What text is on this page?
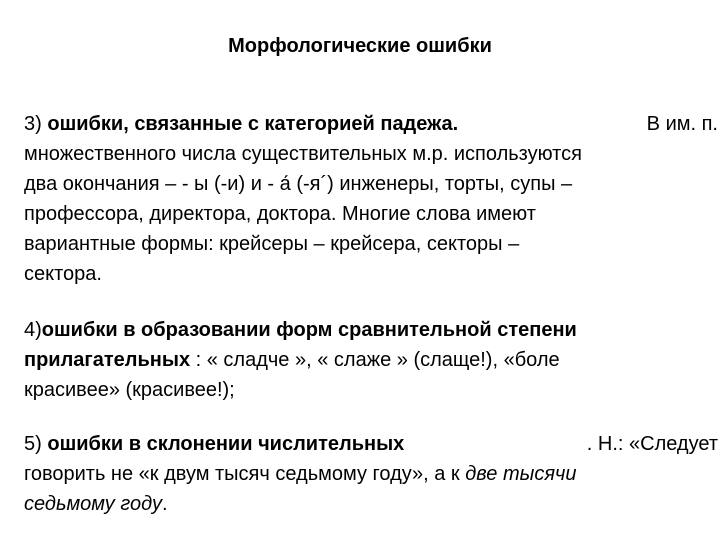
Морфологические ошибки
3) ошибки, связанные с категорией падежа.	В им. п.
множественного числа существительных м.р. используются
два окончания – - ы (-и) и - а́ (-я´) инженеры, торты, супы –
профессора, директора, доктора. Многие слова имеют
вариантные формы: крейсеры – крейсера, секторы –
сектора.
4)ошибки в образовании форм сравнительной степени
прилагательных : « сладче », « слаже » (слаще!), «боле
красивее» (красивее!);
5) ошибки в склонении числительных	. Н.: «Следует
говорить не «к двум тысяч седьмому году», а к две тысячи
седьмому году.
